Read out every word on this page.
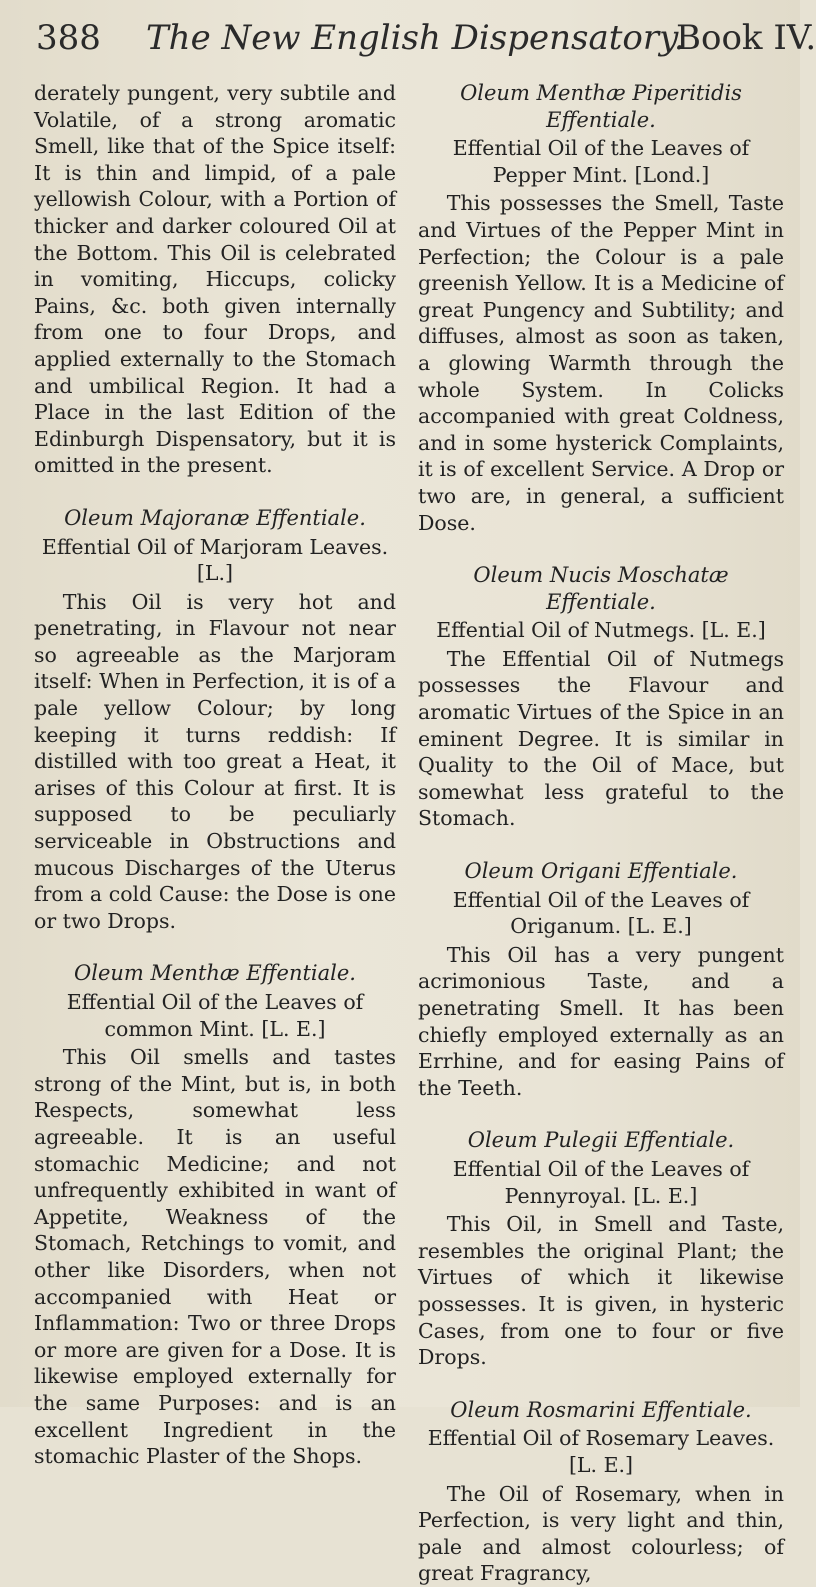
388 The New English Dispensatory.
Book IV.

derately pungent, very subtile and Volatile, of a strong aromatic Smell, like that of the Spice itself: It is thin and limpid, of a pale yellowish Colour, with a Portion of thicker and darker coloured Oil at the Bottom. This Oil is celebrated in vomiting, Hiccups, colicky Pains, &c. both given internally from one to four Drops, and applied externally to the Stomach and umbilical Region. It had a Place in the last Edition of the Edinburgh Dispensatory, but it is omitted in the present.

Oleum Majoranæ Effentiale.

Effential Oil of Marjoram Leaves. [L.]

This Oil is very hot and penetrating, in Flavour not near so agreeable as the Marjoram itself: When in Perfection, it is of a pale yellow Colour; by long keeping it turns reddish: If distilled with too great a Heat, it arises of this Colour at first. It is supposed to be peculiarly serviceable in Obstructions and mucous Discharges of the Uterus from a cold Cause: the Dose is one or two Drops.

Oleum Menthæ Effentiale.

Effential Oil of the Leaves of common Mint. [L. E.]

This Oil smells and tastes strong of the Mint, but is, in both Respects, somewhat less agreeable. It is an useful stomachic Medicine; and not unfrequently exhibited in want of Appetite, Weakness of the Stomach, Retchings to vomit, and other like Disorders, when not accompanied with Heat or Inflammation: Two or three Drops or more are given for a Dose. It is likewise employed externally for the same Purposes: and is an excellent Ingredient in the stomachic Plaster of the Shops.

Oleum Menthæ Piperitidis Effentiale.

Effential Oil of the Leaves of Pepper Mint. [Lond.]

This possesses the Smell, Taste and Virtues of the Pepper Mint in Perfection; the Colour is a pale greenish Yellow. It is a Medicine of great Pungency and Subtility; and diffuses, almost as soon as taken, a glowing Warmth through the whole System. In Colicks accompanied with great Coldness, and in some hysterick Complaints, it is of excellent Service. A Drop or two are, in general, a sufficient Dose.

Oleum Nucis Moschatæ Effentiale.

Effential Oil of Nutmegs. [L. E.]

The Effential Oil of Nutmegs possesses the Flavour and aromatic Virtues of the Spice in an eminent Degree. It is similar in Quality to the Oil of Mace, but somewhat less grateful to the Stomach.

Oleum Origani Effentiale.

Effential Oil of the Leaves of Origanum. [L. E.]

This Oil has a very pungent acrimonious Taste, and a penetrating Smell. It has been chiefly employed externally as an Errhine, and for easing Pains of the Teeth.

Oleum Pulegii Effentiale.

Effential Oil of the Leaves of Pennyroyal. [L. E.]

This Oil, in Smell and Taste, resembles the original Plant; the Virtues of which it likewise possesses. It is given, in hysteric Cases, from one to four or five Drops.

Oleum Rosmarini Effentiale.

Effential Oil of Rosemary Leaves. [L. E.]

The Oil of Rosemary, when in Perfection, is very light and thin, pale and almost colourless; of great Fragrancy,
